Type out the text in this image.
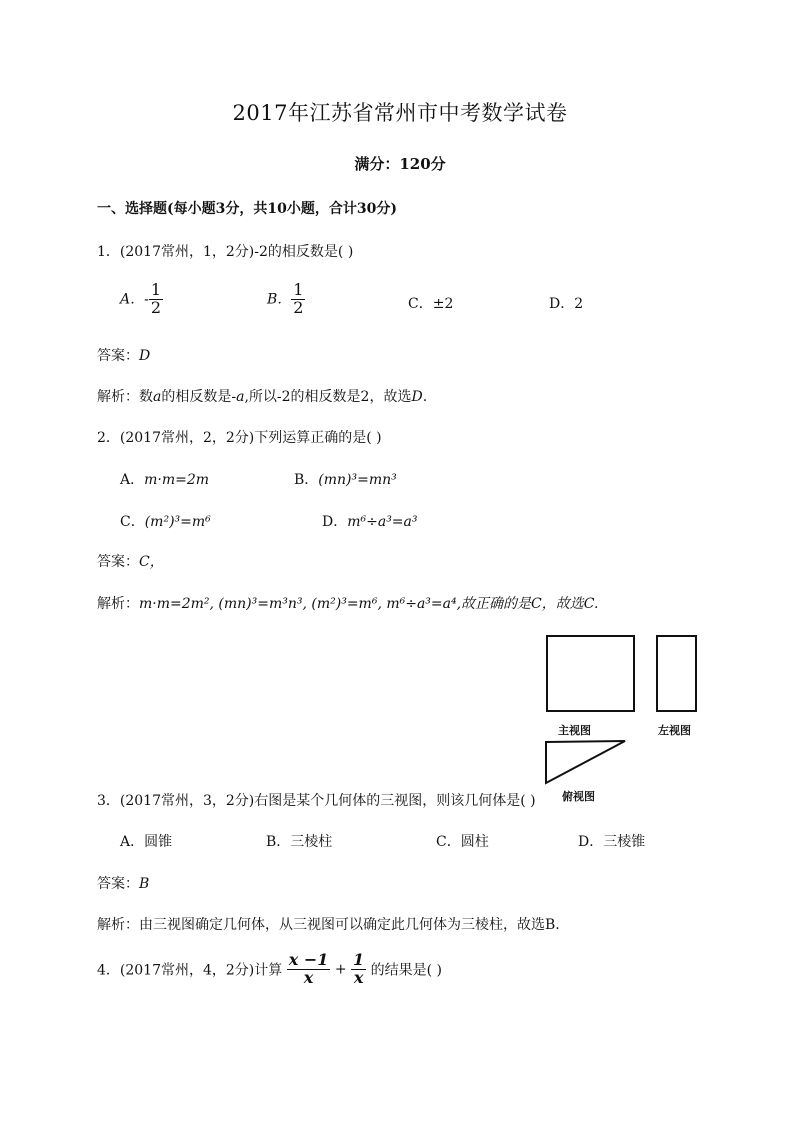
2017年江苏省常州市中考数学试卷
满分：120分
一、选择题(每小题3分，共10小题，合计30分)
1．(2017常州，1，2分)-2的相反数是( )
A．- $\frac{1}{2}$	B． $\frac{1}{2}$	C．±2	D．2
答案：D
解析：数a的相反数是-a,所以-2的相反数是2，故选D.
2．(2017常州，2，2分)下列运算正确的是( )
A．m·m=2m	B．(mn)³=mn³
C．(m²)³=m⁶	D．m⁶÷a³=a³
答案：C，
解析：m·m=2m², (mn)³=m³n³, (m²)³=m⁶, m⁶÷a³=a⁴,故正确的是C，故选C.
主视图	左视图
俯视图
3．(2017常州，3，2分)右图是某个几何体的三视图，则该几何体是( )
A．圆锥	B．三棱柱	C．圆柱	D．三棱锥
答案：B
解析：由三视图确定几何体，从三视图可以确定此几何体为三棱柱，故选B.
4．(2017常州，4，2分)计算 $\frac{x -1}{x} + \frac{1}{x}$ 的结果是( )
